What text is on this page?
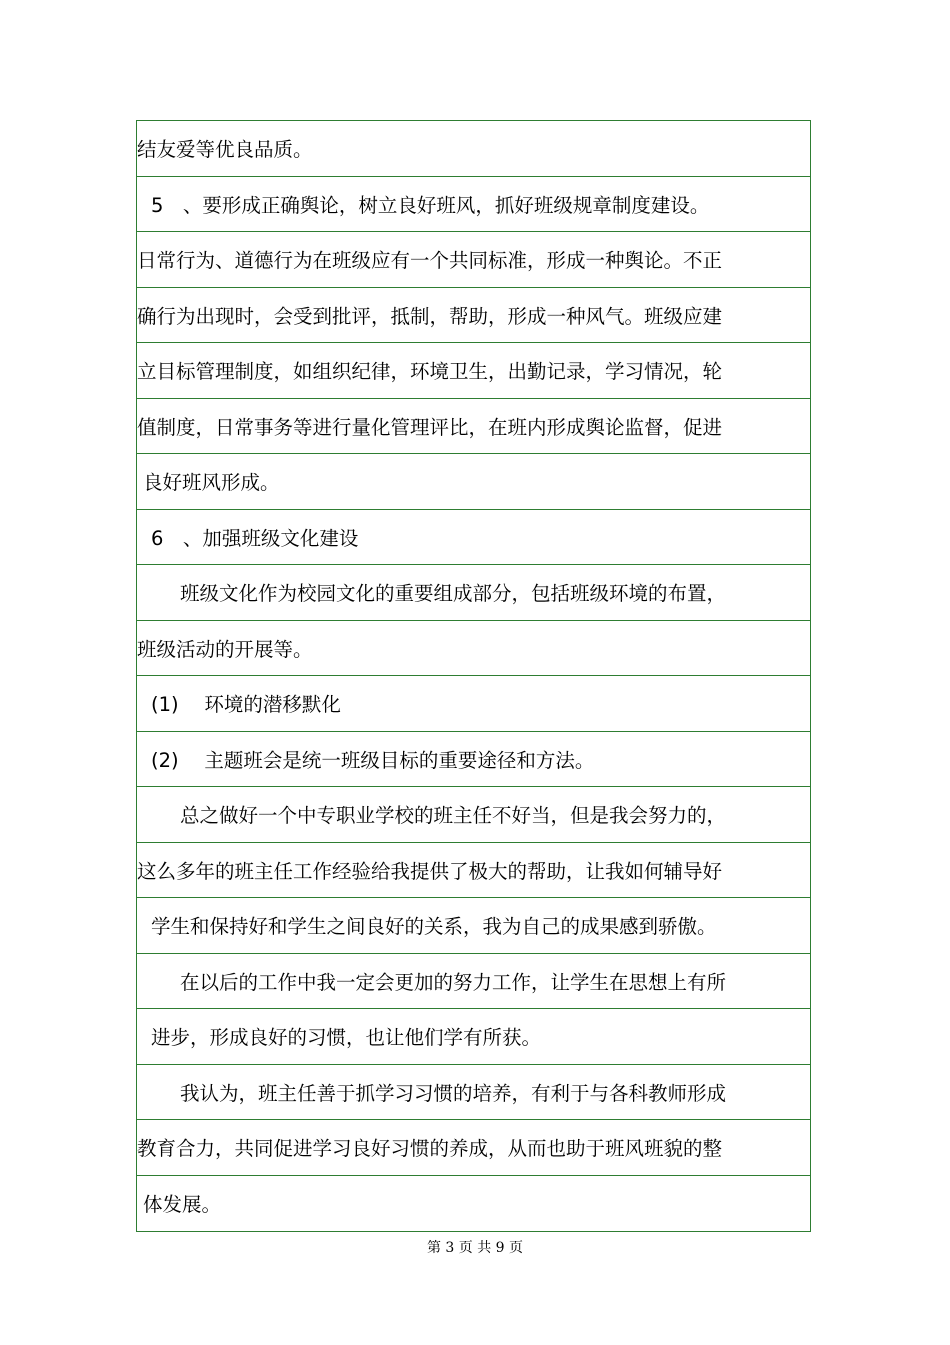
结友爱等优良品质。
5　、要形成正确舆论，树立良好班风，抓好班级规章制度建设。
日常行为、道德行为在班级应有一个共同标准，形成一种舆论。不正
确行为出现时，会受到批评，抵制，帮助，形成一种风气。班级应建
立目标管理制度，如组织纪律，环境卫生，出勤记录，学习情况，轮
值制度，日常事务等进行量化管理评比，在班内形成舆论监督，促进
良好班风形成。
6　、加强班级文化建设
班级文化作为校园文化的重要组成部分，包括班级环境的布置，
班级活动的开展等。
(1)　 环境的潜移默化
(2)　 主题班会是统一班级目标的重要途径和方法。
总之做好一个中专职业学校的班主任不好当，但是我会努力的，
这么多年的班主任工作经验给我提供了极大的帮助，让我如何辅导好
学生和保持好和学生之间良好的关系，我为自己的成果感到骄傲。
在以后的工作中我一定会更加的努力工作，让学生在思想上有所
进步，形成良好的习惯，也让他们学有所获。
我认为，班主任善于抓学习习惯的培养，有利于与各科教师形成
教育合力，共同促进学习良好习惯的养成，从而也助于班风班貌的整
体发展。
第 3 页 共 9 页
